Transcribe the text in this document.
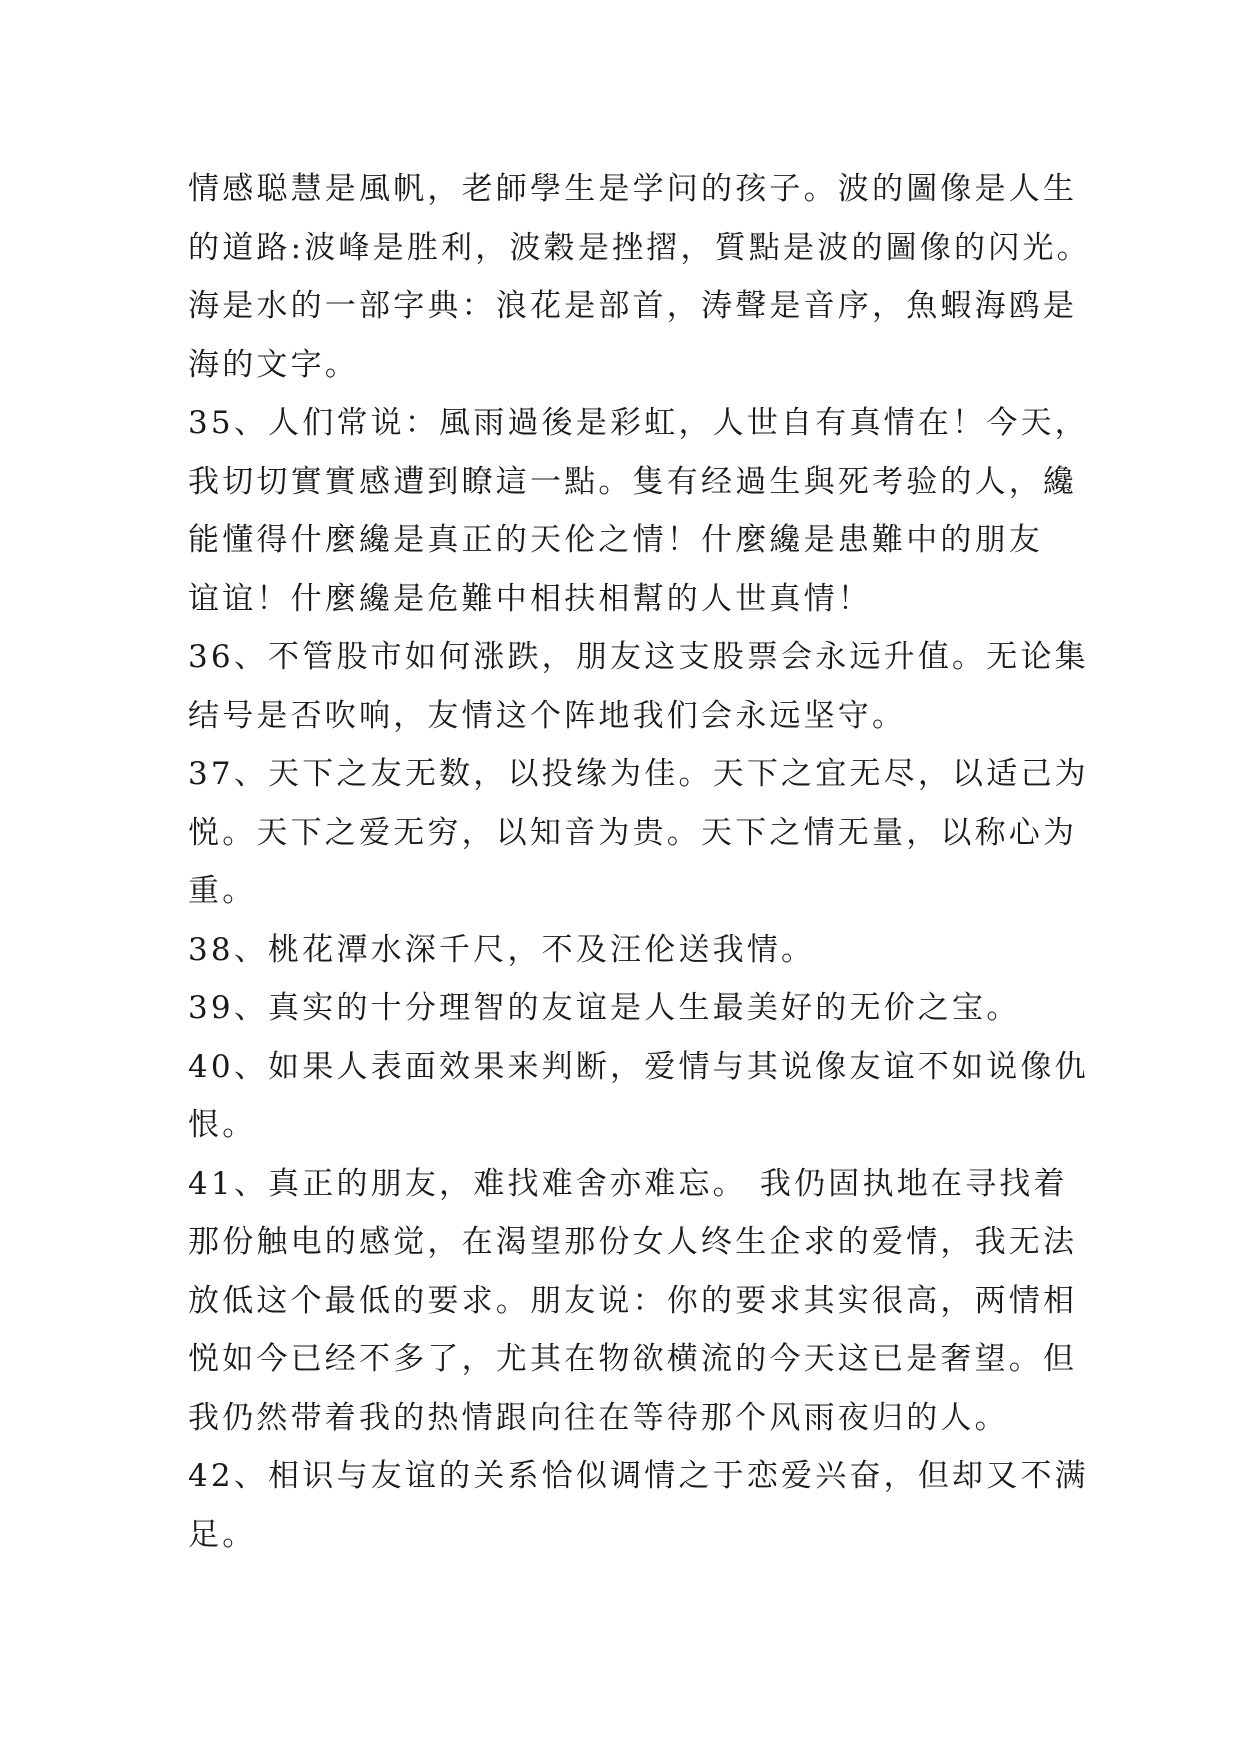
情感聪慧是風帆，老師學生是学问的孩子。波的圖像是人生
的道路:波峰是胜利，波穀是挫摺，質點是波的圖像的闪光。
海是水的一部字典：浪花是部首，涛聲是音序，魚蝦海鸥是
海的文字。
35、人们常说：風雨過後是彩虹，人世自有真情在！今天，
我切切實實感遭到瞭這一點。隻有经過生與死考验的人，纔
能懂得什麼纔是真正的天伦之情！什麼纔是患難中的朋友
谊谊！什麼纔是危難中相扶相幫的人世真情！
36、不管股市如何涨跌，朋友这支股票会永远升值。无论集
结号是否吹响，友情这个阵地我们会永远坚守。
37、天下之友无数，以投缘为佳。天下之宜无尽，以适己为
悦。天下之爱无穷，以知音为贵。天下之情无量，以称心为
重。
38、桃花潭水深千尺，不及汪伦送我情。
39、真实的十分理智的友谊是人生最美好的无价之宝。
40、如果人表面效果来判断，爱情与其说像友谊不如说像仇
恨。
41、真正的朋友，难找难舍亦难忘。 我仍固执地在寻找着
那份触电的感觉，在渴望那份女人终生企求的爱情，我无法
放低这个最低的要求。朋友说：你的要求其实很高，两情相
悦如今已经不多了，尤其在物欲横流的今天这已是奢望。但
我仍然带着我的热情跟向往在等待那个风雨夜归的人。
42、相识与友谊的关系恰似调情之于恋爱兴奋，但却又不满
足。
